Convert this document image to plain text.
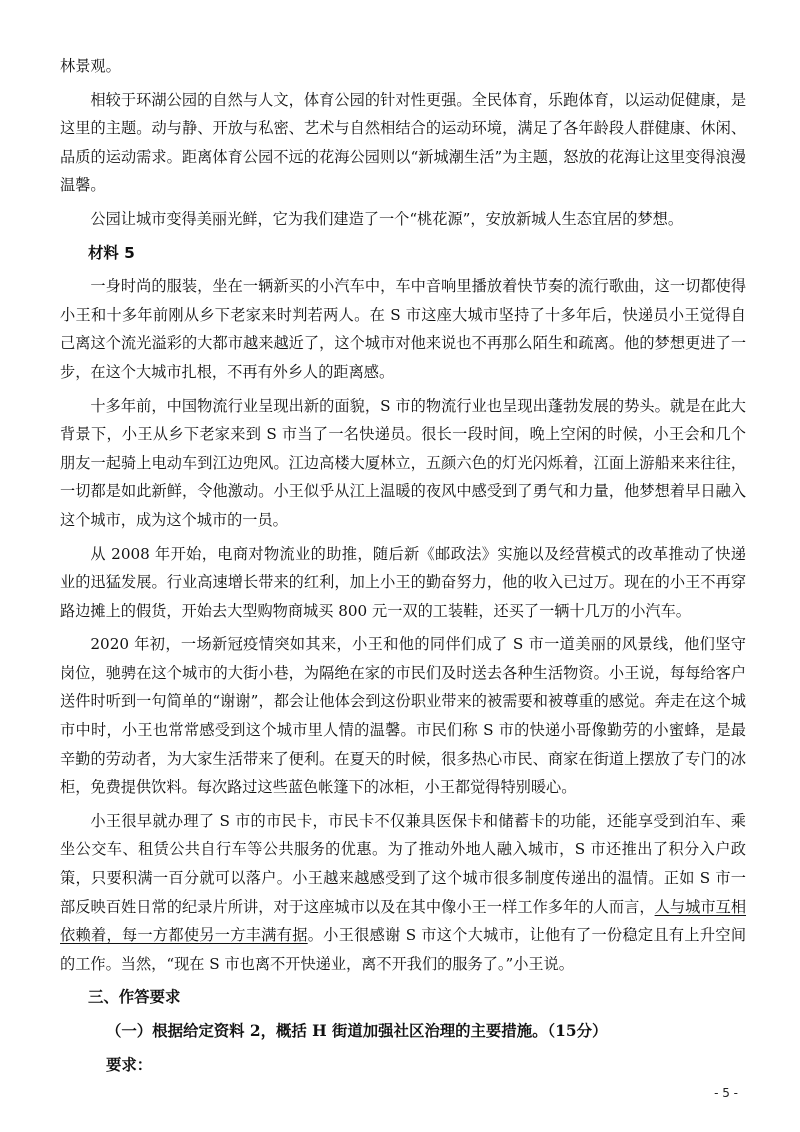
林景观。

相较于环湖公园的自然与人文，体育公园的针对性更强。全民体育，乐跑体育，以运动促健康，是这里的主题。动与静、开放与私密、艺术与自然相结合的运动环境，满足了各年龄段人群健康、休闲、品质的运动需求。距离体育公园不远的花海公园则以“新城潮生活”为主题，怒放的花海让这里变得浪漫温馨。

公园让城市变得美丽光鲜，它为我们建造了一个“桃花源”，安放新城人生态宜居的梦想。

材料 5

一身时尚的服装，坐在一辆新买的小汽车中，车中音响里播放着快节奏的流行歌曲，这一切都使得小王和十多年前刚从乡下老家来时判若两人。在 S 市这座大城市坚持了十多年后，快递员小王觉得自己离这个流光溢彩的大都市越来越近了，这个城市对他来说也不再那么陌生和疏离。他的梦想更进了一步，在这个大城市扎根，不再有外乡人的距离感。

十多年前，中国物流行业呈现出新的面貌，S 市的物流行业也呈现出蓬勃发展的势头。就是在此大背景下，小王从乡下老家来到 S 市当了一名快递员。很长一段时间，晚上空闲的时候，小王会和几个朋友一起骑上电动车到江边兜风。江边高楼大厦林立，五颜六色的灯光闪烁着，江面上游船来来往往，一切都是如此新鲜，令他激动。小王似乎从江上温暖的夜风中感受到了勇气和力量，他梦想着早日融入这个城市，成为这个城市的一员。

从 2008 年开始，电商对物流业的助推，随后新《邮政法》实施以及经营模式的改革推动了快递业的迅猛发展。行业高速增长带来的红利，加上小王的勤奋努力，他的收入已过万。现在的小王不再穿路边摊上的假货，开始去大型购物商城买 800 元一双的工装鞋，还买了一辆十几万的小汽车。

2020 年初，一场新冠疫情突如其来，小王和他的同伴们成了 S 市一道美丽的风景线，他们坚守岗位，驰骋在这个城市的大街小巷，为隔绝在家的市民们及时送去各种生活物资。小王说，每每给客户送件时听到一句简单的“谢谢”，都会让他体会到这份职业带来的被需要和被尊重的感觉。奔走在这个城市中时，小王也常常感受到这个城市里人情的温馨。市民们称 S 市的快递小哥像勤劳的小蜜蜂，是最辛勤的劳动者，为大家生活带来了便利。在夏天的时候，很多热心市民、商家在街道上摆放了专门的冰柜，免费提供饮料。每次路过这些蓝色帐篷下的冰柜，小王都觉得特别暖心。

小王很早就办理了 S 市的市民卡，市民卡不仅兼具医保卡和储蓄卡的功能，还能享受到泊车、乘坐公交车、租赁公共自行车等公共服务的优惠。为了推动外地人融入城市，S 市还推出了积分入户政策，只要积满一百分就可以落户。小王越来越感受到了这个城市很多制度传递出的温情。正如 S 市一部反映百姓日常的纪录片所讲，对于这座城市以及在其中像小王一样工作多年的人而言，人与城市互相依赖着，每一方都使另一方丰满有据。小王很感谢 S 市这个大城市，让他有了一份稳定且有上升空间的工作。当然，“现在 S 市也离不开快递业，离不开我们的服务了。”小王说。

三、作答要求
（一）根据给定资料 2，概括 H 街道加强社区治理的主要措施。（15分）
要求：
- 5 -
